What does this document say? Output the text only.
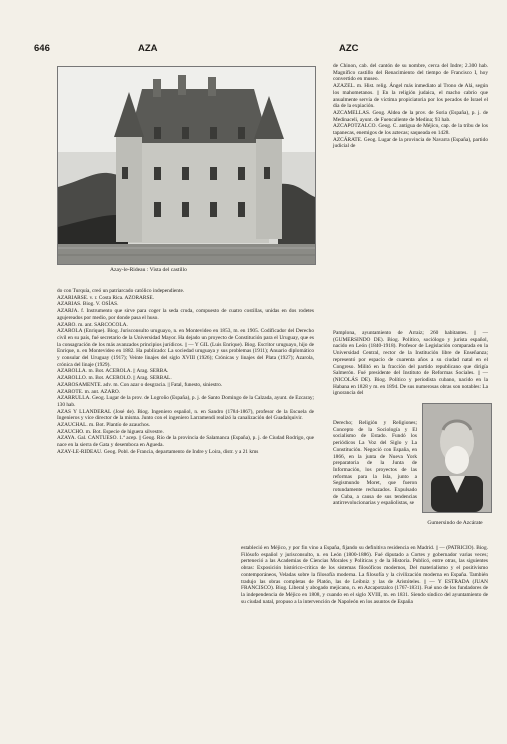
646	AZA	AZC
Azay-le-Rideau : Vista del castillo

do con Turquía, creó un patriarcado católico independiente.

AZARIARSE. v. r. Costa Rica. AZORARSE.

AZARIAS. Biog. V. OSÍAS.

AZARJA. f. Instrumento que sirve para coger la seda cruda, compuesto de cuatro costillas, unidas en dos rodetes agujereados por medio, por donde pasa el huso.

AZARO. m. ant. SARCOCOLA.

AZAROLA (Enrique). Biog. Jurisconsulto uruguayo, n. en Montevideo en 1853, m. en 1905. Codificador del Derecho civil en su país, fué secretario de la Universidad Mayor. Ha dejado un proyecto de Constitución para el Uruguay, que es la consagración de los más avanzados principios jurídicos. || — Y GIL (Luis Enrique). Biog. Escritor uruguayo, hijo de Enrique, n. en Montevideo en 1882. Ha publicado: La sociedad uruguaya y sus problemas (1911); Anuario diplomático y consular del Uruguay (1917); Veinte linajes del siglo XVIII (1926); Crónicas y linajes del Plata (1927); Azarola, crónica del linaje (1929).

AZAROLLA. m. Bot. ACEROLA. || Arag. SERBA.

AZAROLLO. m. Bot. ACEROLO. || Arag. SERBAL.

AZAROSAMENTE. adv. m. Con azar o desgracia. || Fatal, funesto, siniestro.

AZAROTE. m. ant. AZARO.

AZARRULLA. Geog. Lugar de la prov. de Logroño (España), p. j. de Santo Domingo de la Calzada, ayunt. de Ezcaray; 130 hab.

AZAS Y LLANDERAL (José de). Biog. Ingeniero español, n. en Sandro (1784-1867), profesor de la Escuela de Ingenieros y vice director de la misma. Junto con el ingeniero Larramendi realizó la canalización del Guadalquivir.

AZAUCHAL. m. Bot. Plantío de azauchos.

AZAUCHO. m. Bot. Especie de higuera silvestre.

AZAYA. Gal. CANTUESO. 1.ª acep. || Geog. Río de la provincia de Salamanca (España), p. j. de Ciudad Rodrigo, que nace en la sierra de Gata y desemboca en Agueda.

AZAY-LE-RIDEAU. Geog. Pobl. de Francia, departamento de Indre y Loira, distr. y a 21 kms

de Chinon, cab. del cantón de su nombre, cerca del Indre; 2.300 hab. Magnífico castillo del Renacimiento del tiempo de Francisco I, hoy convertido en museo.

AZAZEL. m. Hist. relig. Ángel más inmediato al Trono de Alá, según los mahometanos. || En la religión judaica, el macho cabrío que anualmente servía de víctima propiciatoria por los pecados de Israel el día de la expiación.

AZCAMELLAS. Geog. Aldea de la prov. de Soria (España), p. j. de Medinaceli, ayunt. de Fuencaliente de Medina; 93 hab.

AZCAPOTZALCO. Geog. C. antigua de Méjico, cap. de la tribu de los tapanecas, enemigos de los aztecas; saqueada en 1428.

AZCÁRATE. Geog. Lugar de la provincia de Navarra (España), partido judicial de

Pamplona, ayuntamiento de Arraiz; 260 habitantes. || — (GUMERSINDO DE). Biog. Político, sociólogo y jurista español, nacido en León (1840-1918). Profesor de Legislación comparada en la Universidad Central, rector de la Institución libre de Enseñanza; representó por espacio de cuarenta años a su ciudad natal en el Congreso. Militó en la fracción del partido republicano que dirigía Salmerón. Fué presidente del Instituto de Reformas Sociales. || — (NICOLÁS DE). Biog. Político y periodista cubano, nacido en la Habana en 1828 y m. en 1894. De sus numerosas obras son notables: La ignorancia del

Derecho; Religión y Religiones; Concepto de la Sociología y El socialismo de Estado. Fundó los periódicos La Voz del Siglo y La Constitución. Negoció con España, en 1866, en la junta de Nueva York preparatoria de la Junta de Información, los proyectos de las reformas para la Isla, junto a Segismundo Moret, que fueron rotundamente rechazados. Expulsado de Cuba, a causa de sus tendencias antirrevolucionarias y españolistas, se

Gumersindo de Azcárate

estableció en Méjico, y por fin vino a España, fijando su definitiva residencia en Madrid. || — (PATRICIO). Biog. Filósofo español y jurisconsulto, n. en León (1800-1886). Fué diputado a Cortes y gobernador varias veces; perteneció a las Academias de Ciencias Morales y Políticas y de la Historia. Publicó, entre otras, las siguientes obras: Exposición histórico-crítica de los sistemas filosóficos modernos, Del materialismo y el positivismo contemporáneos, Veladas sobre la filosofía moderna. La filosofía y la civilización moderna en España. También tradujo las obras completas de Platón, las de Leibniz y las de Aristóteles. || — Y ESTRADA (JUAN FRANCISCO). Biog. Liberal y abogado mejicano, n. en Azcapotzalco (1767-1831). Fué uno de los fundadores de la independencia de Méjico en 1808, y cuando en el siglo XVIII, m. en 1831. Siendo síndico del ayuntamiento de su ciudad natal, propuso a la intervención de Napoleón en los asuntos de España
